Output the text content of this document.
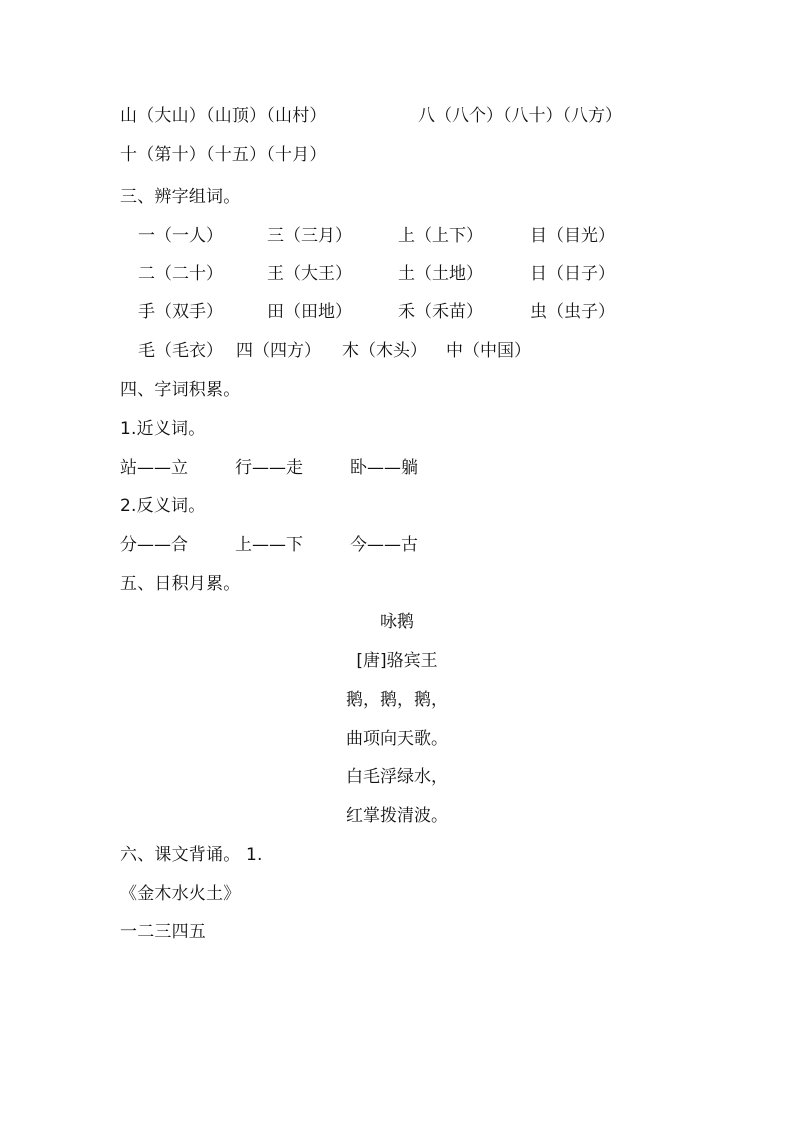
山（大山）（山顶）（山村）	八（八个）（八十）（八方）
十（第十）（十五）（十月）
三、辨字组词。
一（一人）	三（三月）	上（上下）	目（目光）
二（二十）	王（大王）	土（土地）	日（日子）
手（双手）	田（田地）	禾（禾苗）	虫（虫子）
毛（毛衣） 四（四方） 木（木头） 中（中国）
四、字词积累。
1.近义词。
站——立	行——走	卧——躺
2.反义词。
分——合	上——下	今——古
五、日积月累。
咏鹅
[唐]骆宾王
鹅，鹅，鹅，
曲项向天歌。
白毛浮绿水，
红掌拨清波。
六、课文背诵。 1.
《金木水火土》
一二三四五
